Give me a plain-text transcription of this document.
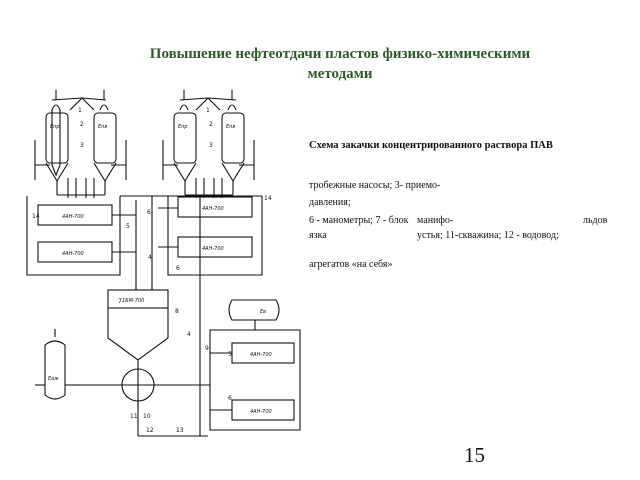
Повышение нефтеотдачи пластов физико-химическими
методами
4АН-700
4АН-700
4АН-700
4АН-700
1БМ-700
4АН-700
4АН-700
Епр	Епв	Епр	Епв
Ев
Еаж
1	1
2	2
3	3
4
4
5
5
6
6
6
7
8
9
10
11
12	13
14
14
Схема закачки концентрированного раствора ПАВ
тробежные насосы; 3- приемо-
давления;
6 - манометры; 7 - блок манифо-	льдов
язка	устья; 11-скважина; 12 - водовод;
агрегатов «на себя»
15
